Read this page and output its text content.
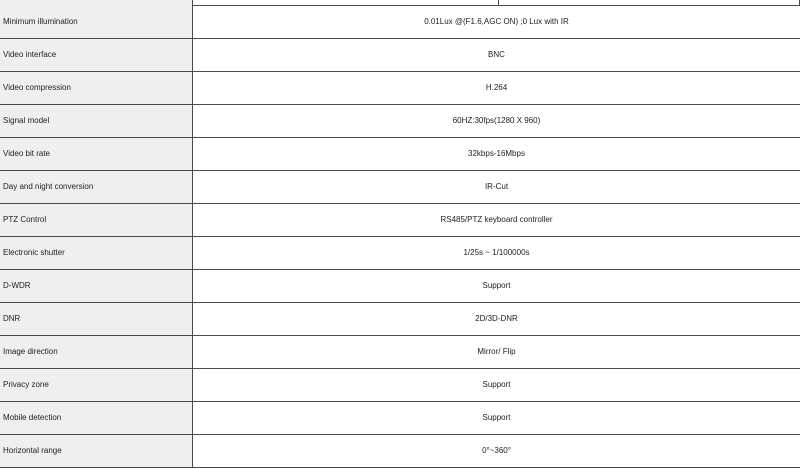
Minimum illumination	0.01Lux @(F1.6,AGC ON) ;0 Lux with IR
Video interface	BNC
Video compression	H.264
Signal model	60HZ:30fps(1280 X 960)
Video bit rate	32kbps-16Mbps
Day and night conversion	IR-Cut
PTZ Control	RS485/PTZ keyboard controller
Electronic shutter	1/25s ~ 1/100000s
D-WDR	Support
DNR	2D/3D-DNR
Image direction	Mirror/ Flip
Privacy zone	Support
Mobile detection	Support
Horizontal range	0°~360°
